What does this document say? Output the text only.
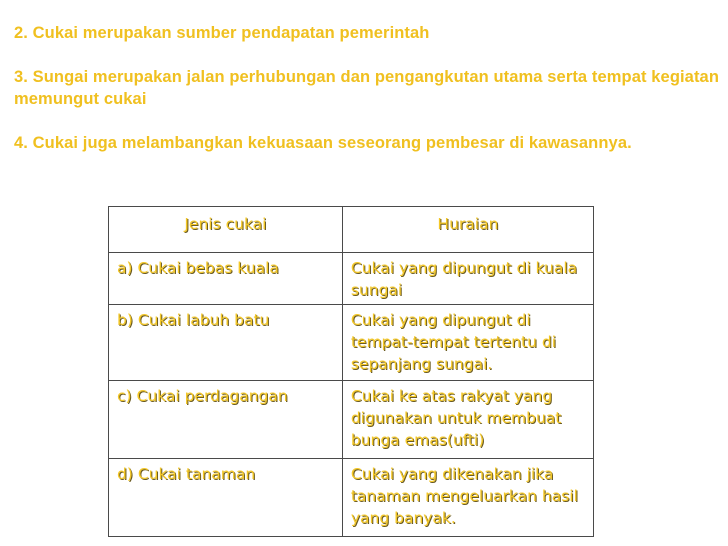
2. Cukai merupakan sumber pendapatan pemerintah

3. Sungai merupakan jalan perhubungan dan pengangkutan utama serta tempat kegiatan memungut cukai

4. Cukai juga melambangkan kekuasaan seseorang pembesar di kawasannya.

Jenis cukai	Huraian
a) Cukai bebas kuala	Cukai yang dipungut di kuala sungai
b) Cukai labuh batu	Cukai yang dipungut di tempat-tempat tertentu di sepanjang sungai.
c) Cukai perdagangan	Cukai ke atas rakyat yang digunakan untuk membuat bunga emas(ufti)
d) Cukai tanaman	Cukai yang dikenakan jika tanaman mengeluarkan hasil yang banyak.
